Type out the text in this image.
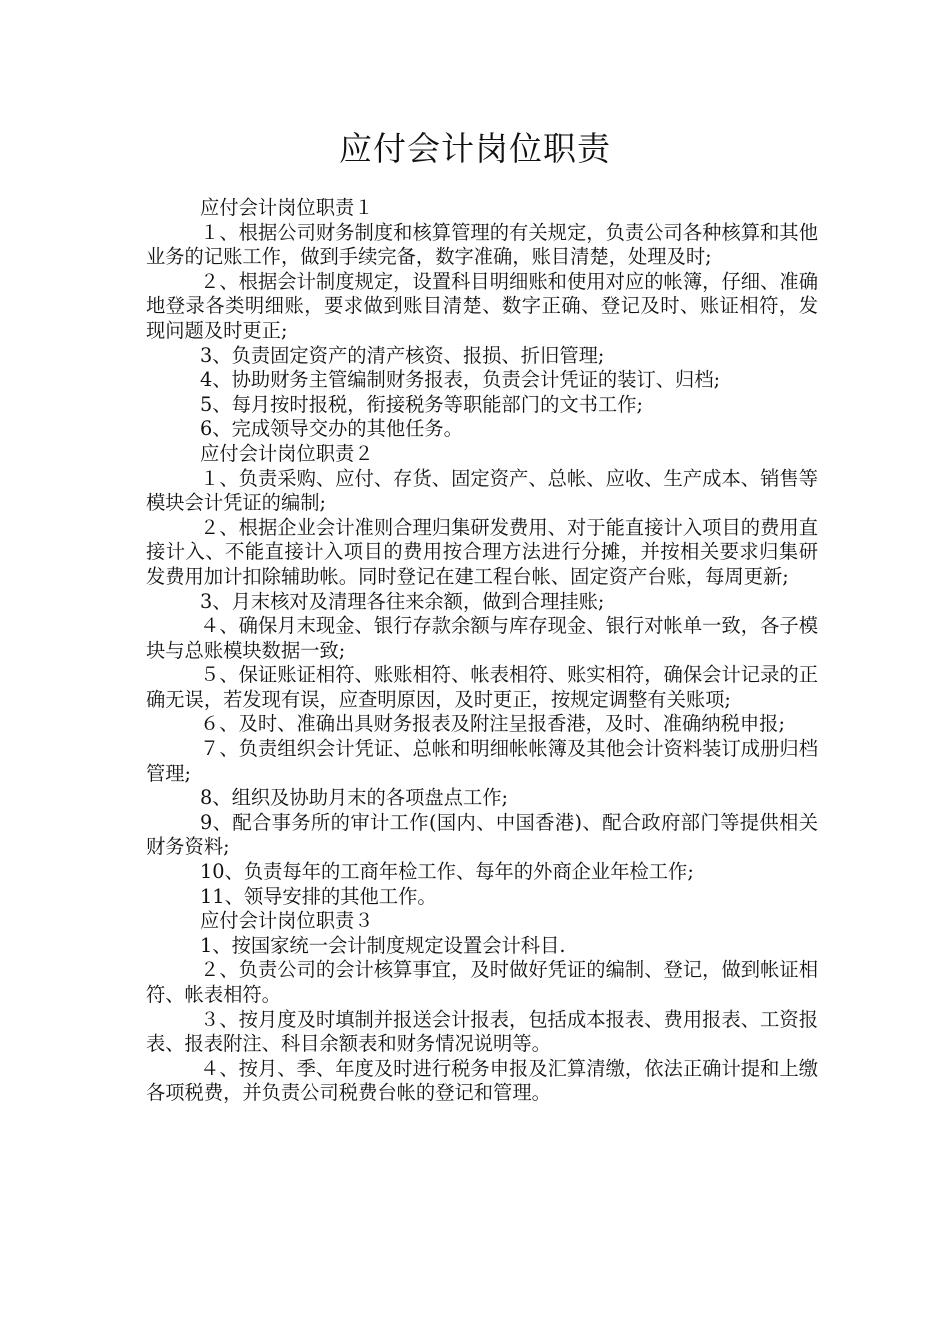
应付会计岗位职责

应付会计岗位职责１

１、根据公司财务制度和核算管理的有关规定，负责公司各种核算和其他业务的记账工作，做到手续完备，数字准确，账目清楚，处理及时;

２、根据会计制度规定，设置科目明细账和使用对应的帐簿，仔细、准确地登录各类明细账，要求做到账目清楚、数字正确、登记及时、账证相符，发现问题及时更正;

3、负责固定资产的清产核资、报损、折旧管理;

4、协助财务主管编制财务报表，负责会计凭证的装订、归档;

5、每月按时报税，衔接税务等职能部门的文书工作;

6、完成领导交办的其他任务。

应付会计岗位职责２

１、负责采购、应付、存货、固定资产、总帐、应收、生产成本、销售等模块会计凭证的编制;

２、根据企业会计准则合理归集研发费用、对于能直接计入项目的费用直接计入、不能直接计入项目的费用按合理方法进行分摊，并按相关要求归集研发费用加计扣除辅助帐。同时登记在建工程台帐、固定资产台账，每周更新;

3、月末核对及清理各往来余额，做到合理挂账;

４、确保月末现金、银行存款余额与库存现金、银行对帐单一致，各子模块与总账模块数据一致;

５、保证账证相符、账账相符、帐表相符、账实相符，确保会计记录的正确无误，若发现有误，应查明原因，及时更正，按规定调整有关账项;

６、及时、准确出具财务报表及附注呈报香港，及时、准确纳税申报;

７、负责组织会计凭证、总帐和明细帐帐簿及其他会计资料装订成册归档管理;

8、组织及协助月末的各项盘点工作;

9、配合事务所的审计工作(国内、中国香港)、配合政府部门等提供相关财务资料;

10、负责每年的工商年检工作、每年的外商企业年检工作;

11、领导安排的其他工作。

应付会计岗位职责３

1、按国家统一会计制度规定设置会计科目.

２、负责公司的会计核算事宜，及时做好凭证的编制、登记，做到帐证相符、帐表相符。

３、按月度及时填制并报送会计报表，包括成本报表、费用报表、工资报表、报表附注、科目余额表和财务情况说明等。

４、按月、季、年度及时进行税务申报及汇算清缴，依法正确计提和上缴各项税费，并负责公司税费台帐的登记和管理。
